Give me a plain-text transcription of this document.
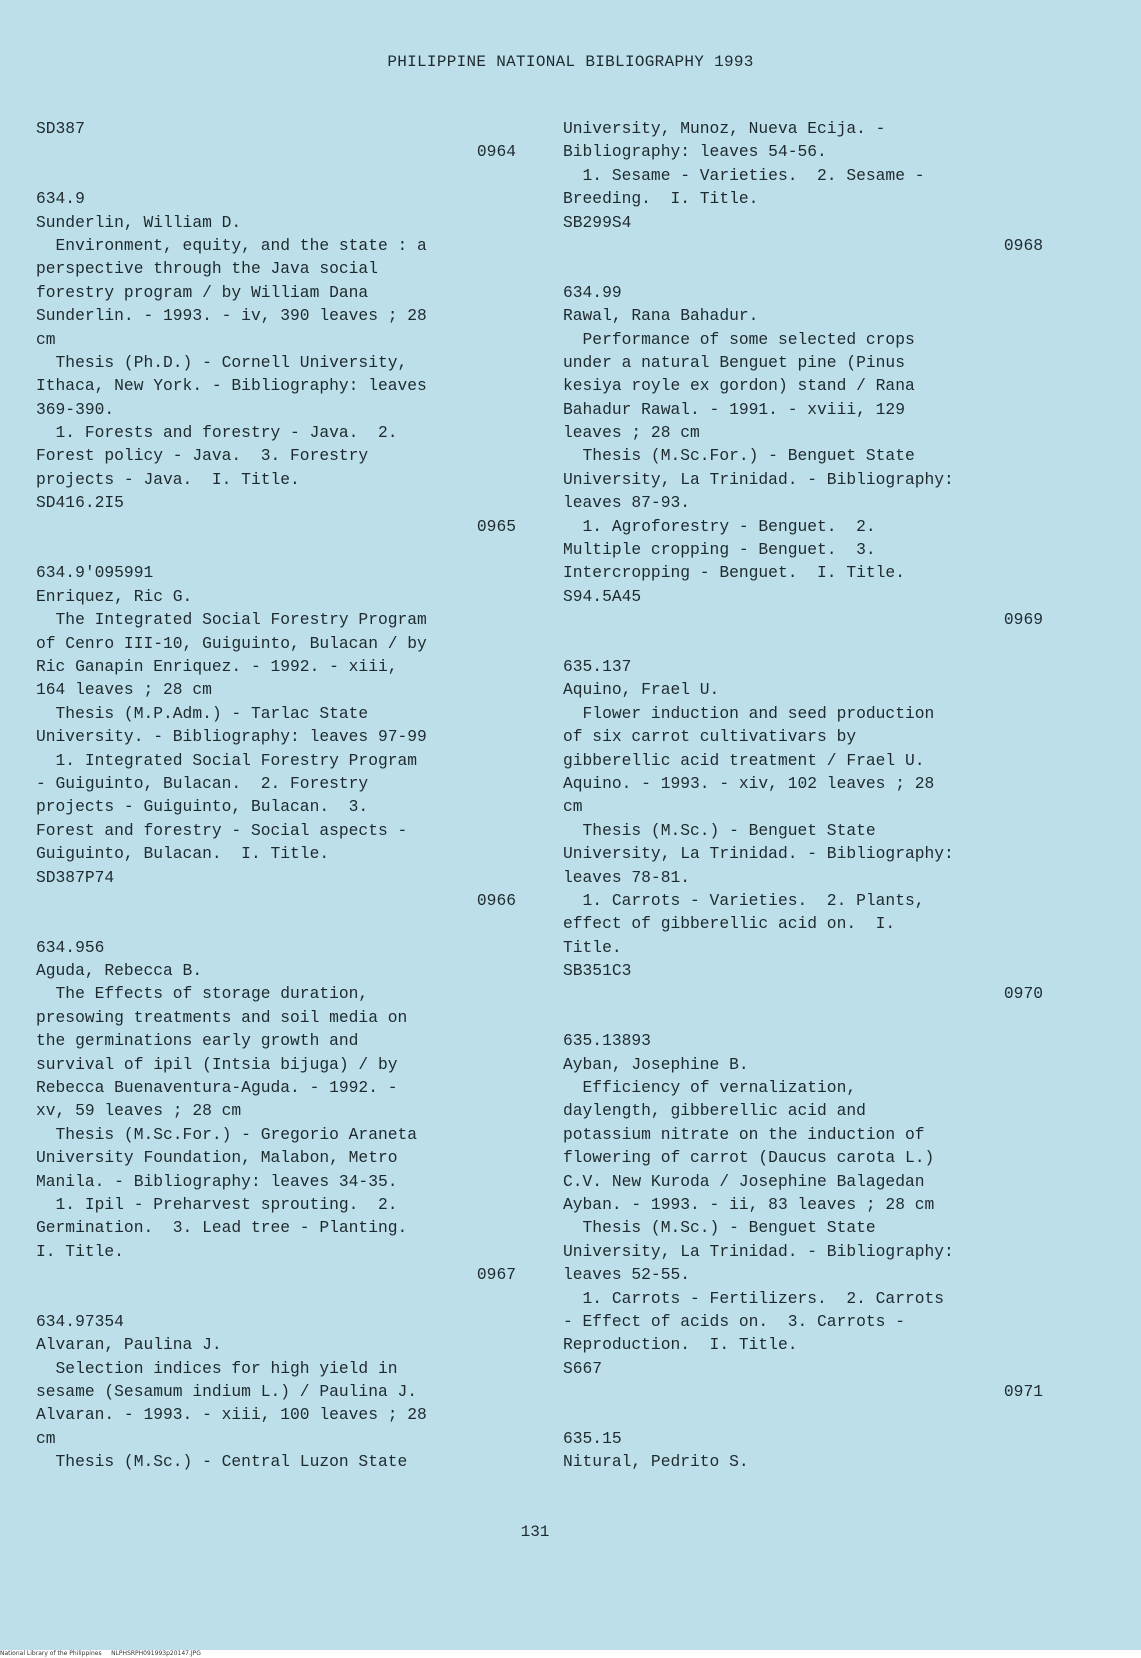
PHILIPPINE NATIONAL BIBLIOGRAPHY 1993
SD387
0964
634.9
Sunderlin, William D.
Environment, equity, and the state : a
perspective through the Java social
forestry program / by William Dana
Sunderlin. - 1993. - iv, 390 leaves ; 28
cm
Thesis (Ph.D.) - Cornell University,
Ithaca, New York. - Bibliography: leaves
369-390.
1. Forests and forestry - Java.  2.
Forest policy - Java.  3. Forestry
projects - Java.  I. Title.
SD416.2I5
0965
634.9'095991
Enriquez, Ric G.
The Integrated Social Forestry Program
of Cenro III-10, Guiguinto, Bulacan / by
Ric Ganapin Enriquez. - 1992. - xiii,
164 leaves ; 28 cm
Thesis (M.P.Adm.) - Tarlac State
University. - Bibliography: leaves 97-99
1. Integrated Social Forestry Program
- Guiguinto, Bulacan.  2. Forestry
projects - Guiguinto, Bulacan.  3.
Forest and forestry - Social aspects -
Guiguinto, Bulacan.  I. Title.
SD387P74
0966
634.956
Aguda, Rebecca B.
The Effects of storage duration,
presowing treatments and soil media on
the germinations early growth and
survival of ipil (Intsia bijuga) / by
Rebecca Buenaventura-Aguda. - 1992. -
xv, 59 leaves ; 28 cm
Thesis (M.Sc.For.) - Gregorio Araneta
University Foundation, Malabon, Metro
Manila. - Bibliography: leaves 34-35.
1. Ipil - Preharvest sprouting.  2.
Germination.  3. Lead tree - Planting.
I. Title.
0967
634.97354
Alvaran, Paulina J.
Selection indices for high yield in
sesame (Sesamum indium L.) / Paulina J.
Alvaran. - 1993. - xiii, 100 leaves ; 28
cm
Thesis (M.Sc.) - Central Luzon State
University, Munoz, Nueva Ecija. -
Bibliography: leaves 54-56.
1. Sesame - Varieties.  2. Sesame -
Breeding.  I. Title.
SB299S4
0968
634.99
Rawal, Rana Bahadur.
Performance of some selected crops
under a natural Benguet pine (Pinus
kesiya royle ex gordon) stand / Rana
Bahadur Rawal. - 1991. - xviii, 129
leaves ; 28 cm
Thesis (M.Sc.For.) - Benguet State
University, La Trinidad. - Bibliography:
leaves 87-93.
1. Agroforestry - Benguet.  2.
Multiple cropping - Benguet.  3.
Intercropping - Benguet.  I. Title.
S94.5A45
0969
635.137
Aquino, Frael U.
Flower induction and seed production
of six carrot cultivativars by
gibberellic acid treatment / Frael U.
Aquino. - 1993. - xiv, 102 leaves ; 28
cm
Thesis (M.Sc.) - Benguet State
University, La Trinidad. - Bibliography:
leaves 78-81.
1. Carrots - Varieties.  2. Plants,
effect of gibberellic acid on.  I.
Title.
SB351C3
0970
635.13893
Ayban, Josephine B.
Efficiency of vernalization,
daylength, gibberellic acid and
potassium nitrate on the induction of
flowering of carrot (Daucus carota L.)
C.V. New Kuroda / Josephine Balagedan
Ayban. - 1993. - ii, 83 leaves ; 28 cm
Thesis (M.Sc.) - Benguet State
University, La Trinidad. - Bibliography:
leaves 52-55.
1. Carrots - Fertilizers.  2. Carrots
- Effect of acids on.  3. Carrots -
Reproduction.  I. Title.
S667
0971
635.15
Nitural, Pedrito S.
131
National Library of the Philippines     NLPHSRPH091993p20147.JPG
